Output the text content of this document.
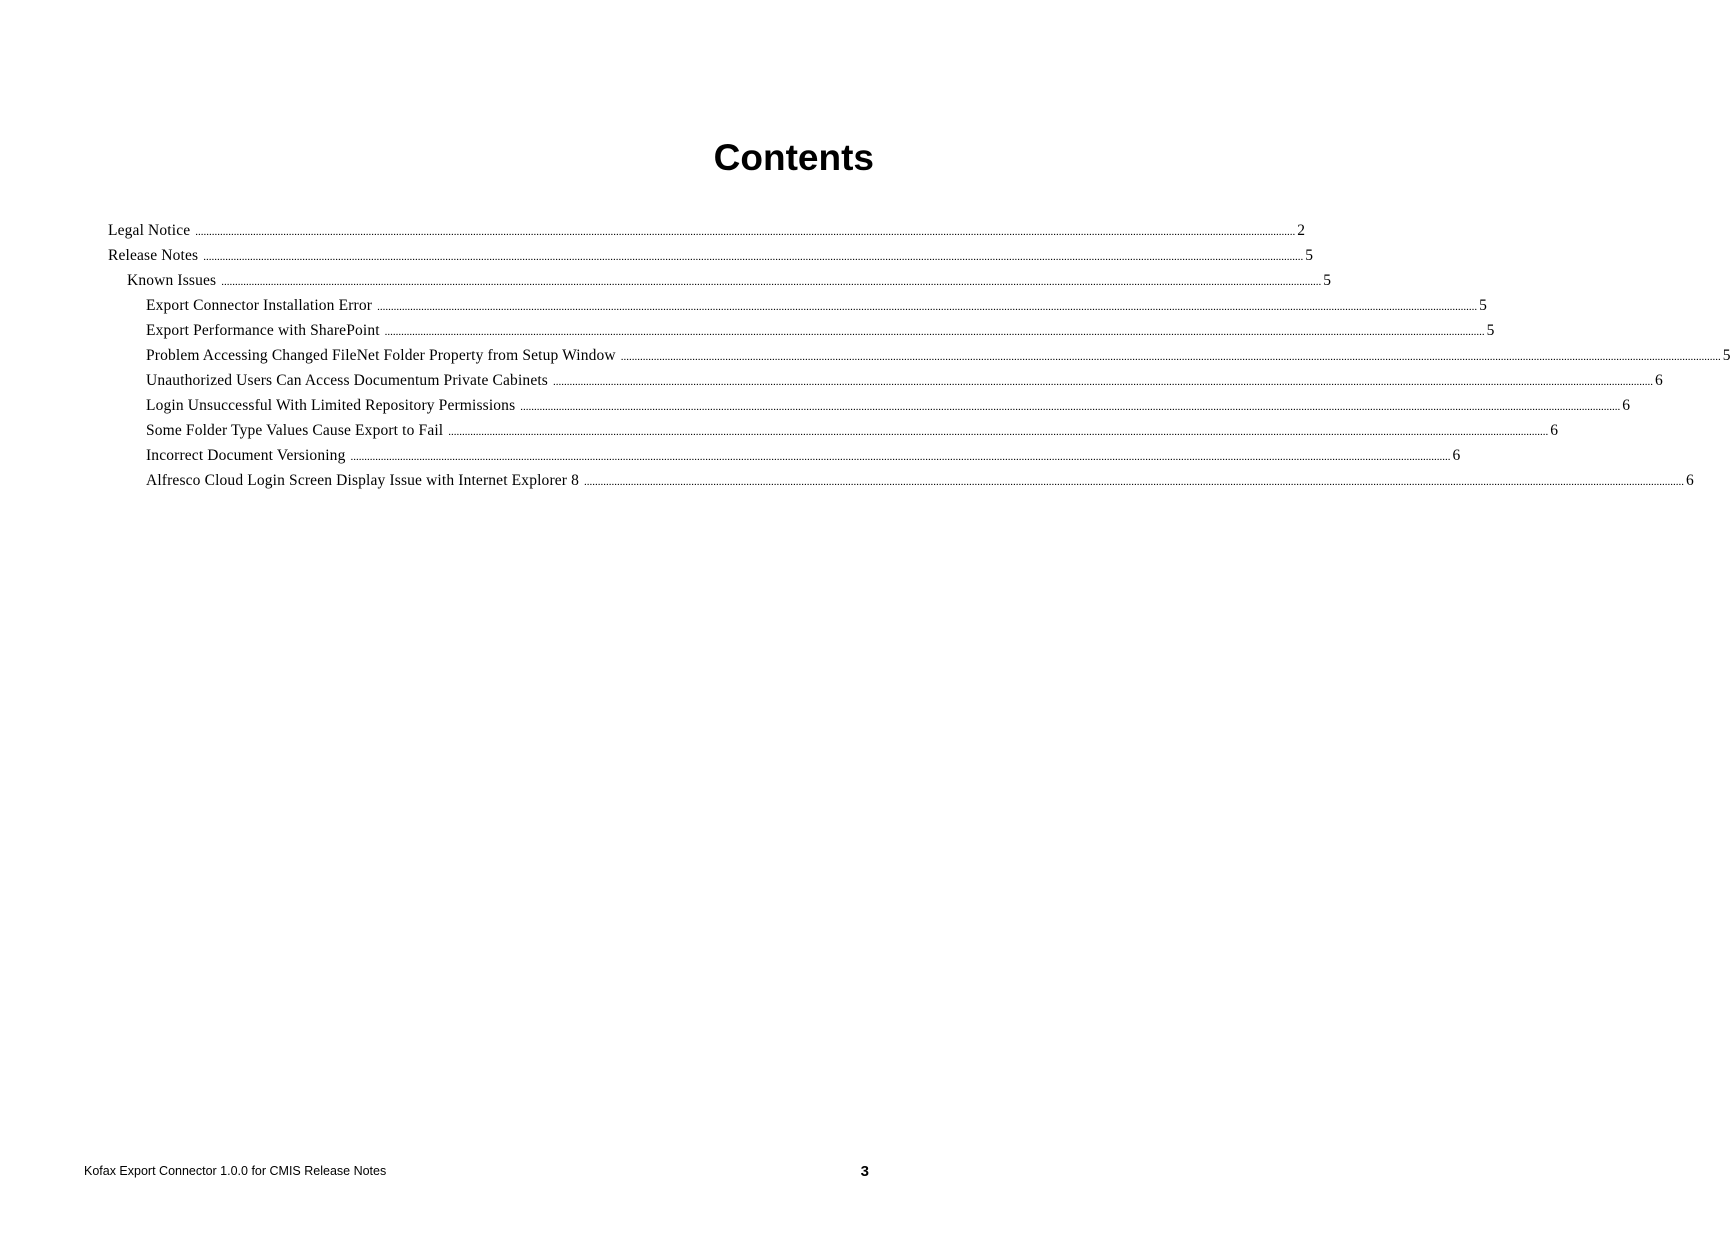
Contents
Legal Notice ................................................................................................................................................................................................................................................................................................................................................................................................................ 2
Release Notes ................................................................................................................................................................................................................................................................................................................................................................................................................ 5
Known Issues ................................................................................................................................................................................................................................................................................................................................................................................................................ 5
Export Connector Installation Error ................................................................................................................................................................................................................................................................................................................................................................................................................ 5
Export Performance with SharePoint ................................................................................................................................................................................................................................................................................................................................................................................................................ 5
Problem Accessing Changed FileNet Folder Property from Setup Window ................................................................................................................................................................................................................................................................................................................................................................................................................ 5
Unauthorized Users Can Access Documentum Private Cabinets ................................................................................................................................................................................................................................................................................................................................................................................................................ 6
Login Unsuccessful With Limited Repository Permissions ................................................................................................................................................................................................................................................................................................................................................................................................................ 6
Some Folder Type Values Cause Export to Fail ................................................................................................................................................................................................................................................................................................................................................................................................................ 6
Incorrect Document Versioning ................................................................................................................................................................................................................................................................................................................................................................................................................ 6
Alfresco Cloud Login Screen Display Issue with Internet Explorer 8 ................................................................................................................................................................................................................................................................................................................................................................................................................ 6
Kofax Export Connector 1.0.0 for CMIS Release Notes	3
